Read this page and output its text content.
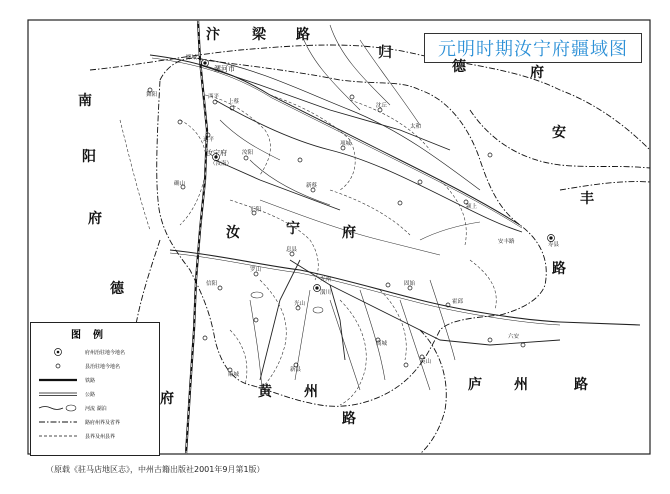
元明时期汝宁府疆域图
汴 梁 路
归
德	府
安
丰
路
南
阳
府
德
府
汝	宁	府
黄 州
路
庐 州	路
郾城
漯河市
舞阳	西平
上蔡
遂平
汝宁府
（汝南）
汝阳
确山
正阳
新蔡
项城
沈丘
太和
颍上
寿县
安丰路
息县
罗山
信阳
光州
潢川
固始
商城
霍邱
六安
光山
新县
麻城
英山
图例
府州治驻地今地名
县治驻地今地名
铁路
公路
河流 湖泊
路府州界及省界
县界及州县界
（原载《驻马店地区志》，中州古籍出版社2001年9月第1版）
